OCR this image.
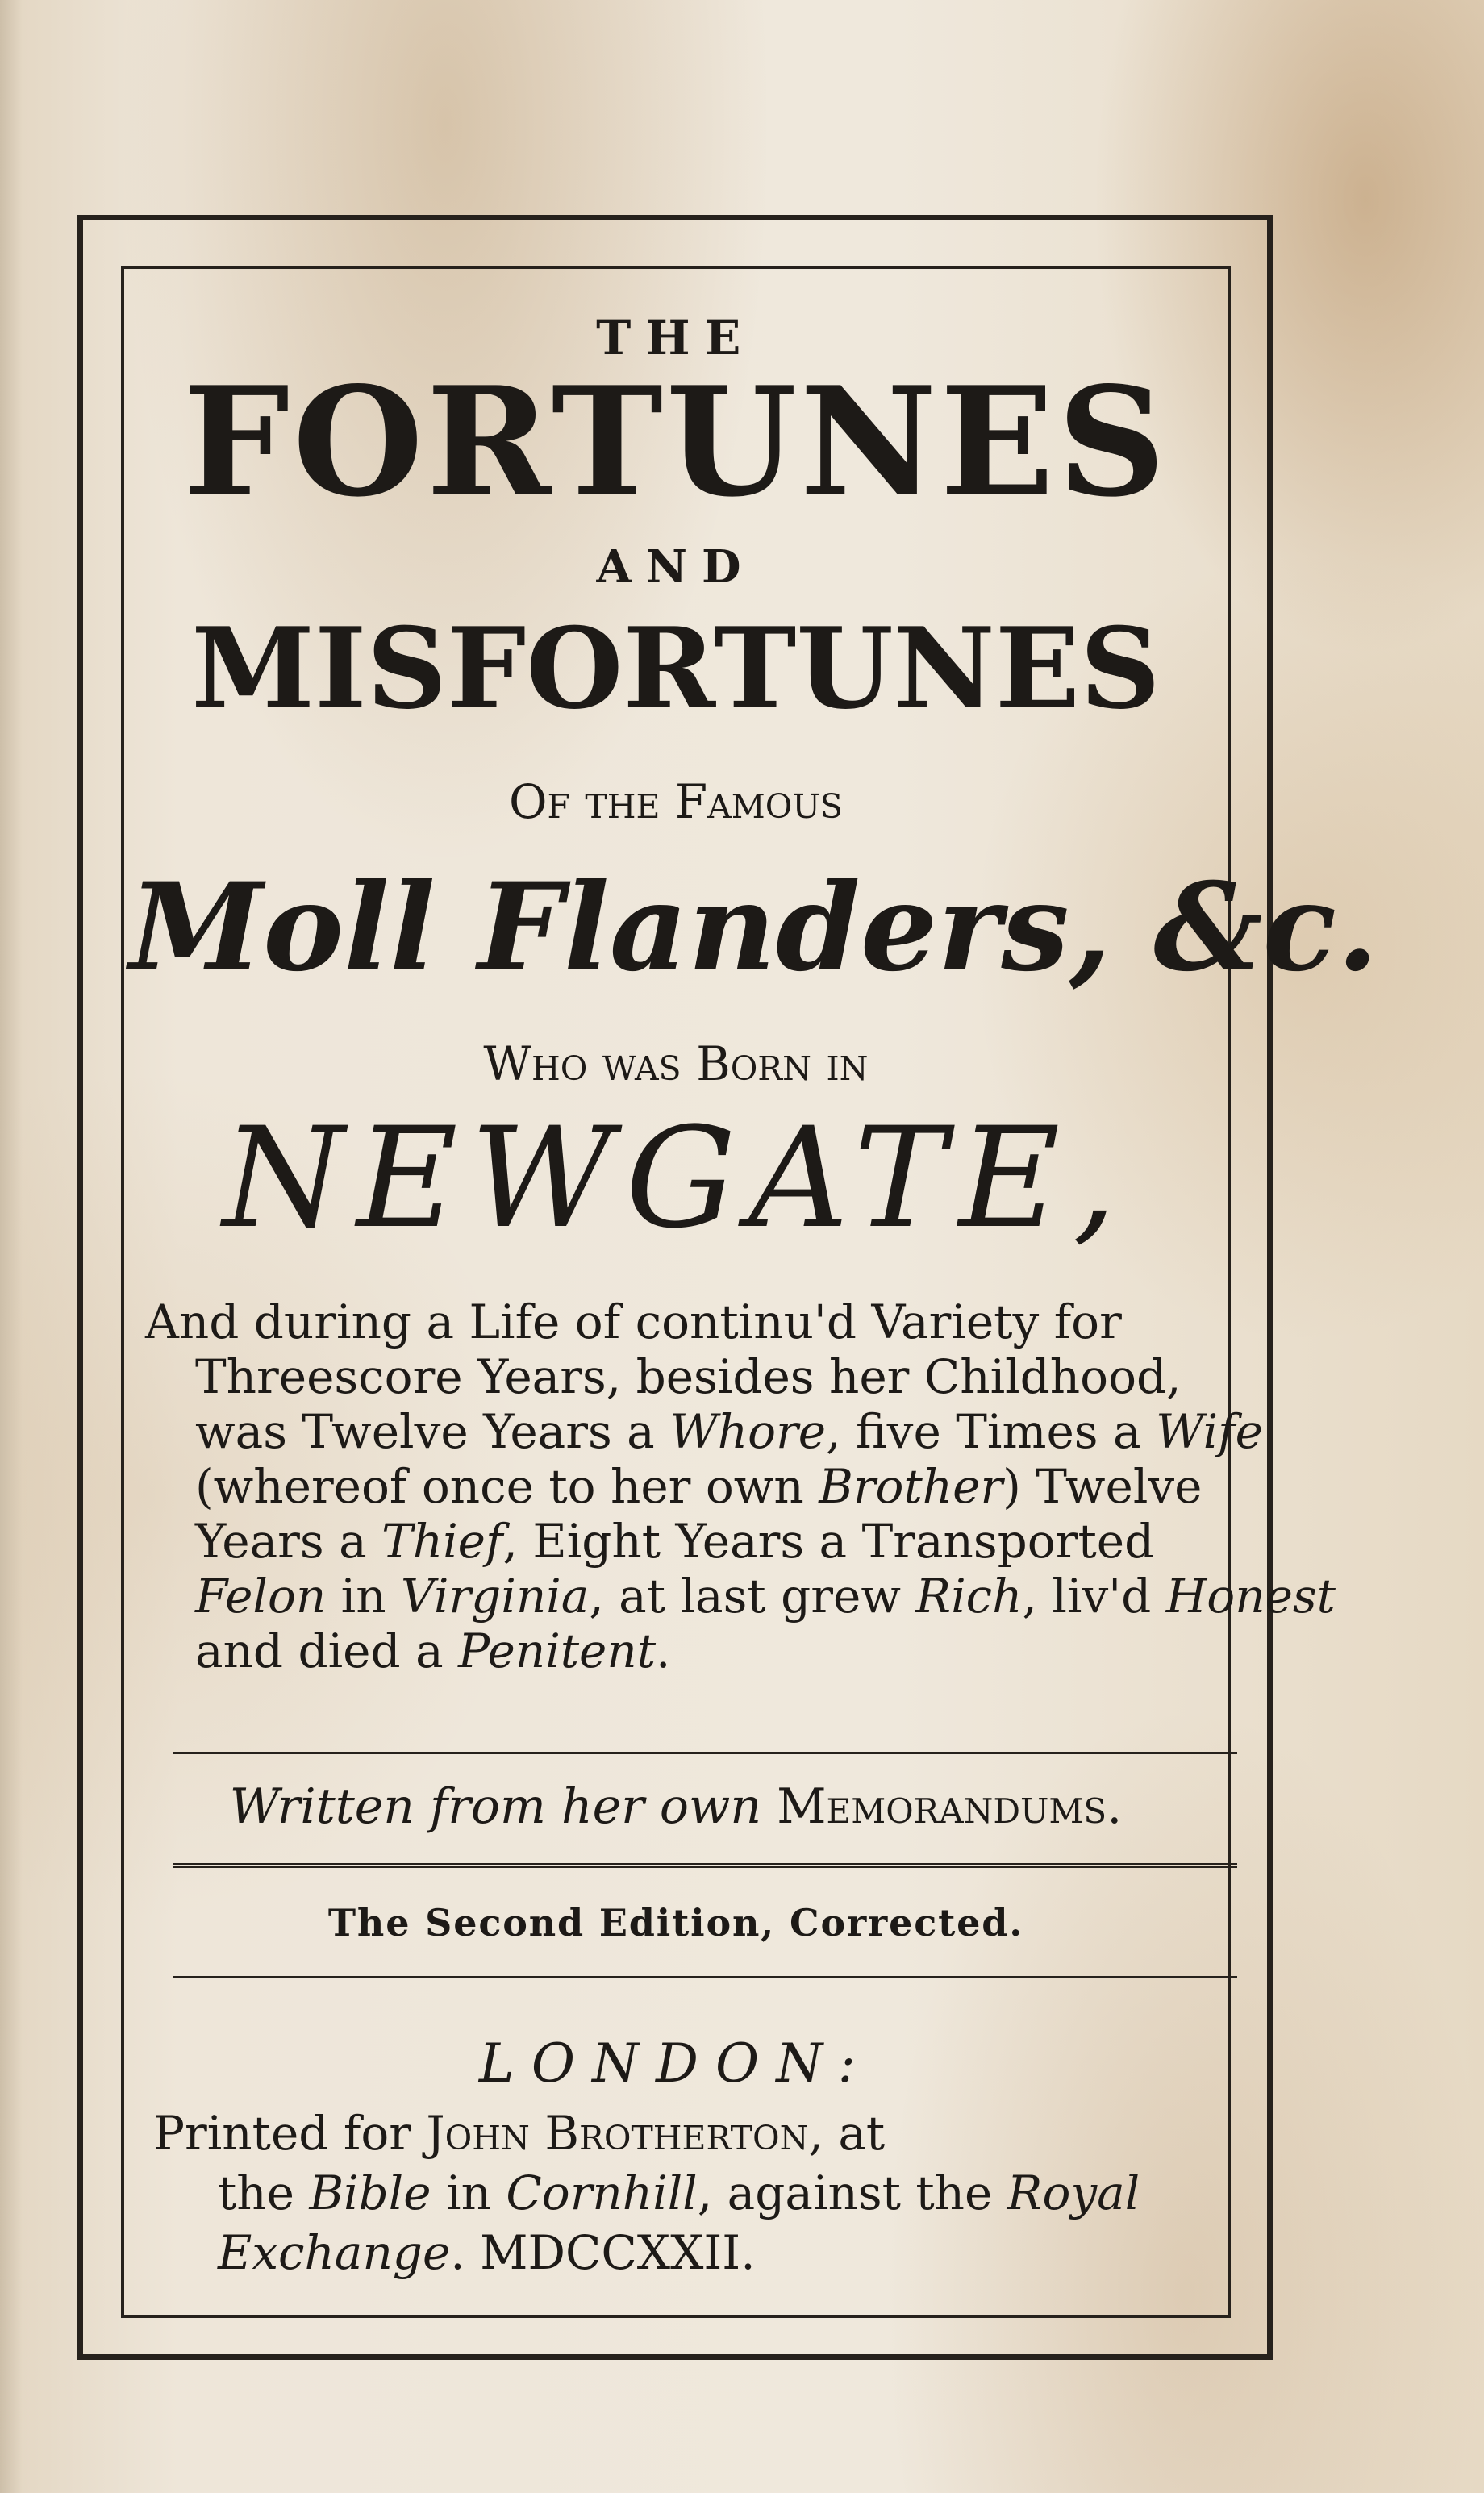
THE
FORTUNES
AND
MISFORTUNES
Of the Famous
Moll Flanders, &c.
Who was Born in
NEWGATE,
And during a Life of continu'd Variety for
Threescore Years, besides her Childhood,
was Twelve Years a Whore, five Times a Wife
(whereof once to her own Brother) Twelve
Years a Thief, Eight Years a Transported
Felon in Virginia, at last grew Rich, liv'd Honest
and died a Penitent.
Written from her own Memorandums.
The Second Edition, Corrected.
LONDON:
Printed for John Brotherton, at
the Bible in Cornhill, against the Royal
Exchange. MDCCXXII.
